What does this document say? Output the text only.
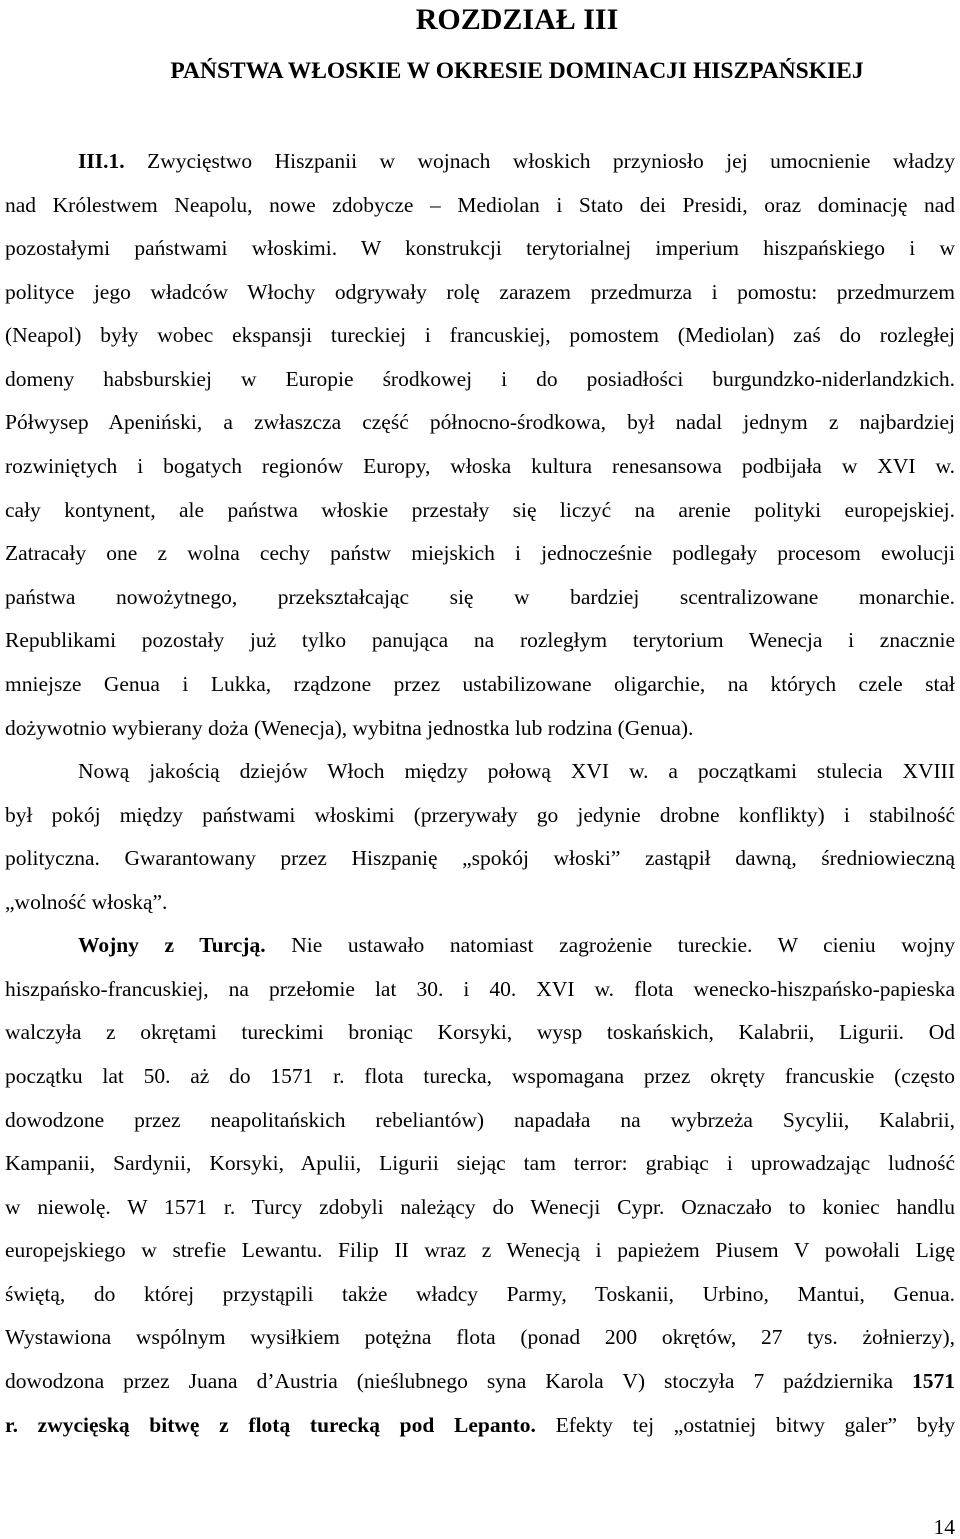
ROZDZIAŁ III
PAŃSTWA WŁOSKIE W OKRESIE DOMINACJI HISZPAŃSKIEJ

III.1. Zwycięstwo Hiszpanii w wojnach włoskich przyniosło jej umocnienie władzy

nad Królestwem Neapolu, nowe zdobycze – Mediolan i Stato dei Presidi, oraz dominację nad

pozostałymi państwami włoskimi. W konstrukcji terytorialnej imperium hiszpańskiego i w

polityce jego władców Włochy odgrywały rolę zarazem przedmurza i pomostu: przedmurzem

(Neapol) były wobec ekspansji tureckiej i francuskiej, pomostem (Mediolan) zaś do rozległej

domeny habsburskiej w Europie środkowej i do posiadłości burgundzko-niderlandzkich.

Półwysep Apeniński, a zwłaszcza część północno-środkowa, był nadal jednym z najbardziej

rozwiniętych i bogatych regionów Europy, włoska kultura renesansowa podbijała w XVI w.

cały kontynent, ale państwa włoskie przestały się liczyć na arenie polityki europejskiej.

Zatracały one z wolna cechy państw miejskich i jednocześnie podlegały procesom ewolucji

państwa nowożytnego, przekształcając się w bardziej scentralizowane monarchie.

Republikami pozostały już tylko panująca na rozległym terytorium Wenecja i znacznie

mniejsze Genua i Lukka, rządzone przez ustabilizowane oligarchie, na których czele stał

dożywotnio wybierany doża (Wenecja), wybitna jednostka lub rodzina (Genua).

Nową jakością dziejów Włoch między połową XVI w. a początkami stulecia XVIII

był pokój między państwami włoskimi (przerywały go jedynie drobne konflikty) i stabilność

polityczna. Gwarantowany przez Hiszpanię „spokój włoski” zastąpił dawną, średniowieczną

„wolność włoską”.

Wojny z Turcją. Nie ustawało natomiast zagrożenie tureckie. W cieniu wojny

hiszpańsko-francuskiej, na przełomie lat 30. i 40. XVI w. flota wenecko-hiszpańsko-papieska

walczyła z okrętami tureckimi broniąc Korsyki, wysp toskańskich, Kalabrii, Ligurii. Od

początku lat 50. aż do 1571 r. flota turecka, wspomagana przez okręty francuskie (często

dowodzone przez neapolitańskich rebeliantów) napadała na wybrzeża Sycylii, Kalabrii,

Kampanii, Sardynii, Korsyki, Apulii, Ligurii siejąc tam terror: grabiąc i uprowadzając ludność

w niewolę. W 1571 r. Turcy zdobyli należący do Wenecji Cypr. Oznaczało to koniec handlu

europejskiego w strefie Lewantu. Filip II wraz z Wenecją i papieżem Piusem V powołali Ligę

świętą, do której przystąpili także władcy Parmy, Toskanii, Urbino, Mantui, Genua.

Wystawiona wspólnym wysiłkiem potężna flota (ponad 200 okrętów, 27 tys. żołnierzy),

dowodzona przez Juana d’Austria (nieślubnego syna Karola V) stoczyła 7 października 1571

r. zwycięską bitwę z flotą turecką pod Lepanto. Efekty tej „ostatniej bitwy galer” były

14
